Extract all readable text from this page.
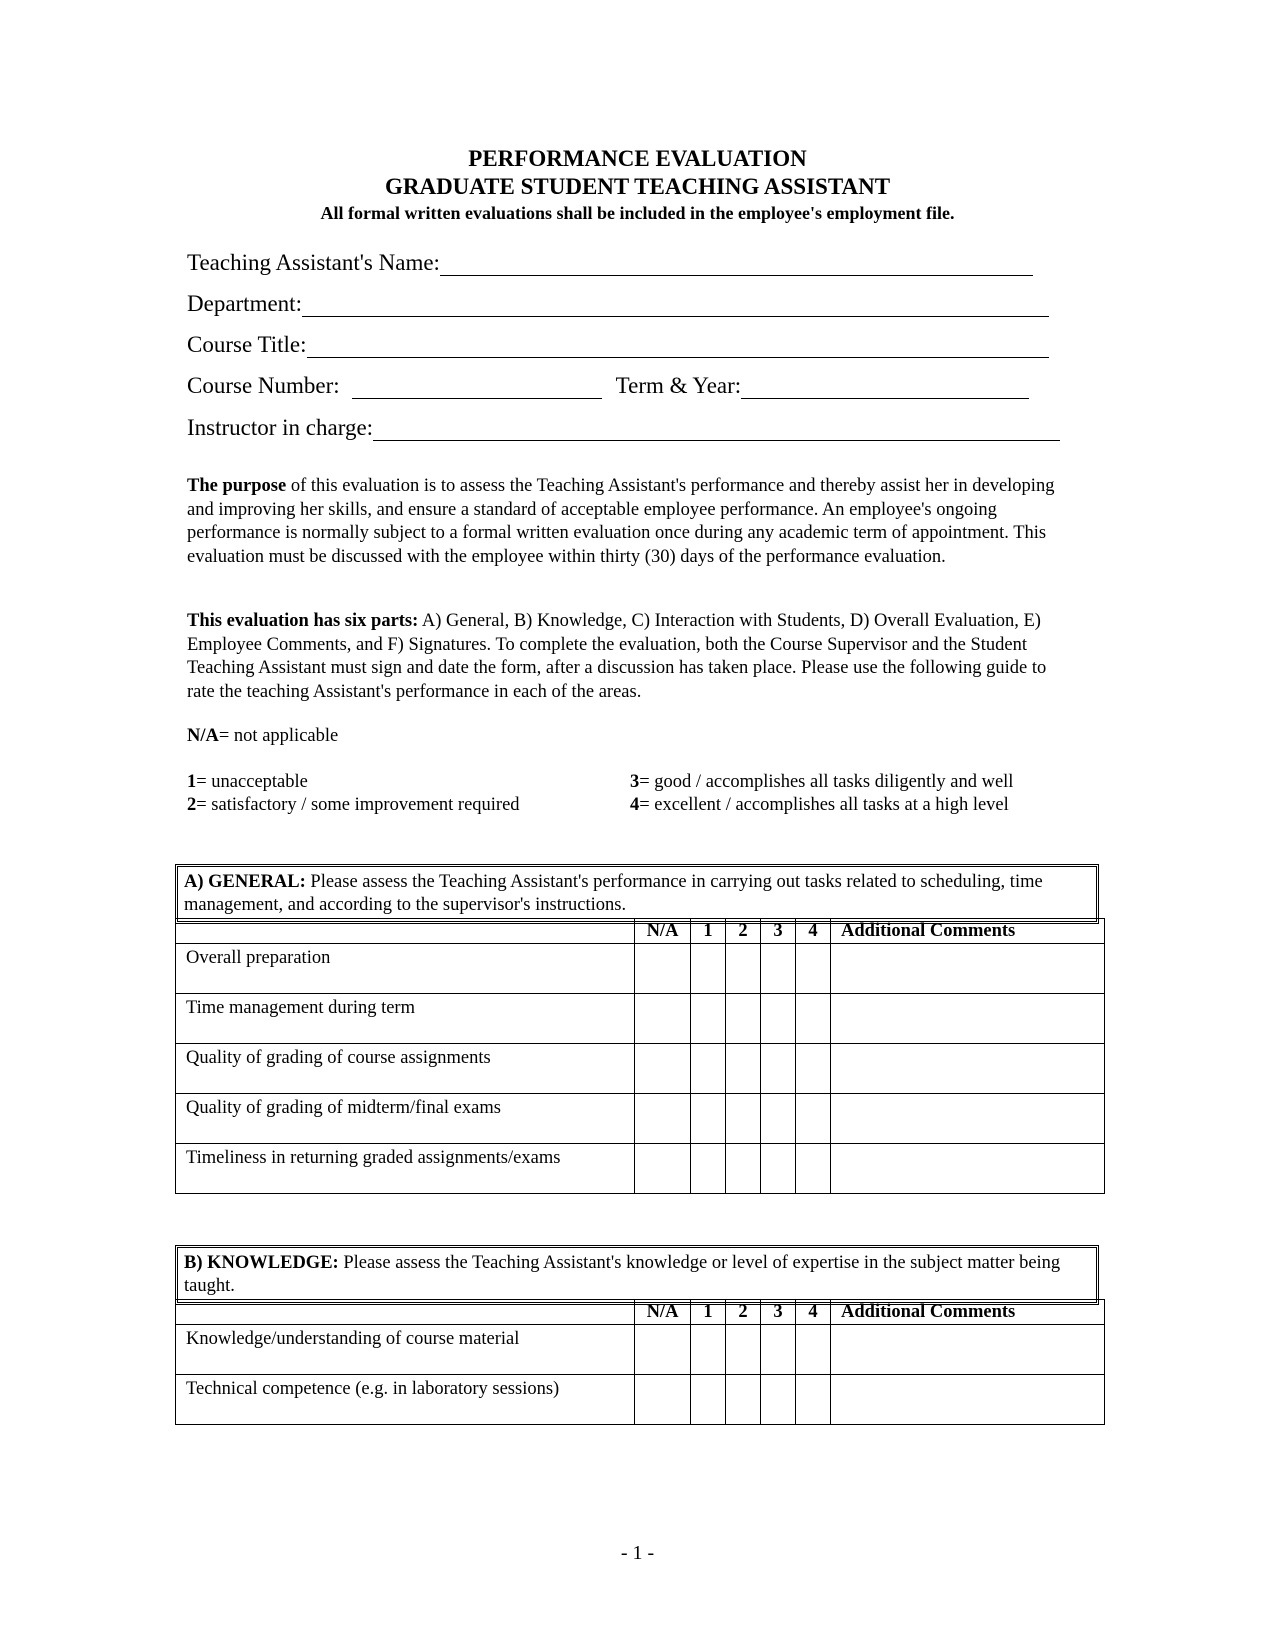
PERFORMANCE EVALUATION
GRADUATE STUDENT TEACHING ASSISTANT
All formal written evaluations shall be included in the employee's employment file.
Teaching Assistant's Name:
Department:
Course Title:
Course Number:	Term & Year:
Instructor in charge:
The purpose of this evaluation is to assess the Teaching Assistant's performance and thereby assist her in developing and improving her skills, and ensure a standard of acceptable employee performance. An employee's ongoing performance is normally subject to a formal written evaluation once during any academic term of appointment. This evaluation must be discussed with the employee within thirty (30) days of the performance evaluation.
This evaluation has six parts: A) General, B) Knowledge, C) Interaction with Students, D) Overall Evaluation, E) Employee Comments, and F) Signatures. To complete the evaluation, both the Course Supervisor and the Student Teaching Assistant must sign and date the form, after a discussion has taken place. Please use the following guide to rate the teaching Assistant's performance in each of the areas.
N/A= not applicable
1= unacceptable
2= satisfactory / some improvement required
3= good / accomplishes all tasks diligently and well
4= excellent / accomplishes all tasks at a high level
A) GENERAL: Please assess the Teaching Assistant's performance in carrying out tasks related to scheduling, time management, and according to the supervisor's instructions.
	N/A	1	2	3	4	Additional Comments
Overall preparation						
Time management during term						
Quality of grading of course assignments						
Quality of grading of midterm/final exams						
Timeliness in returning graded assignments/exams						
B) KNOWLEDGE: Please assess the Teaching Assistant's knowledge or level of expertise in the subject matter being taught.
	N/A	1	2	3	4	Additional Comments
Knowledge/understanding of course material						
Technical competence (e.g. in laboratory sessions)						
- 1 -
